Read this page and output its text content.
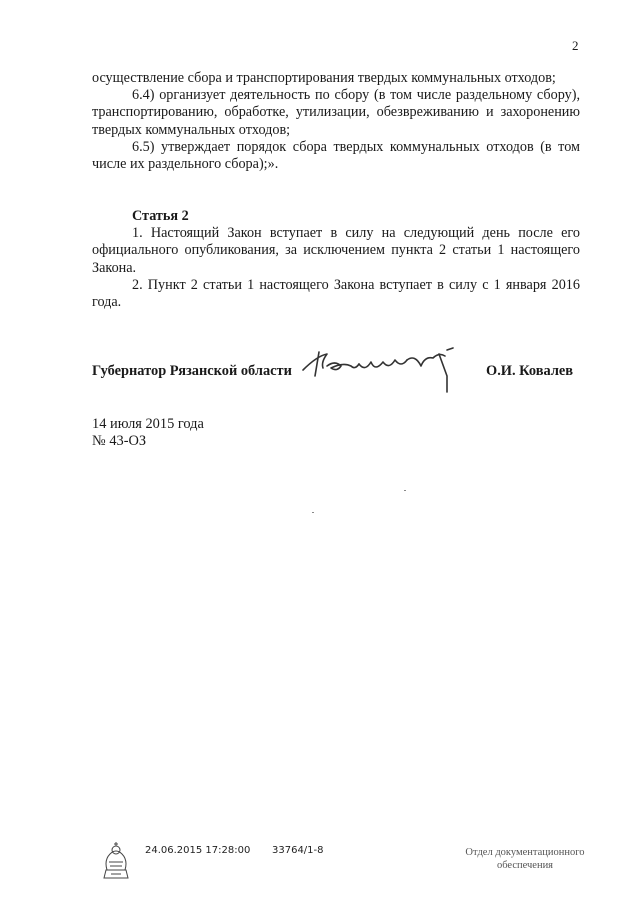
2

осуществление сбора и транспортирования твердых коммунальных отходов;

6.4) организует деятельность по сбору (в том числе раздельному сбору), транспортированию, обработке, утилизации, обезвреживанию и захоронению твердых коммунальных отходов;

6.5) утверждает порядок сбора твердых коммунальных отходов (в том числе их раздельного сбора);».

Статья 2

1. Настоящий Закон вступает в силу на следующий день после его официального опубликования, за исключением пункта 2 статьи 1 настоящего Закона.

2. Пункт 2 статьи 1 настоящего Закона вступает в силу с 1 января 2016 года.

Губернатор Рязанской области	О.И. Ковалев
14 июля 2015 года
№ 43-ОЗ
24.06.2015 17:28:00 33764/1-8	Отдел документационного
обеспечения
